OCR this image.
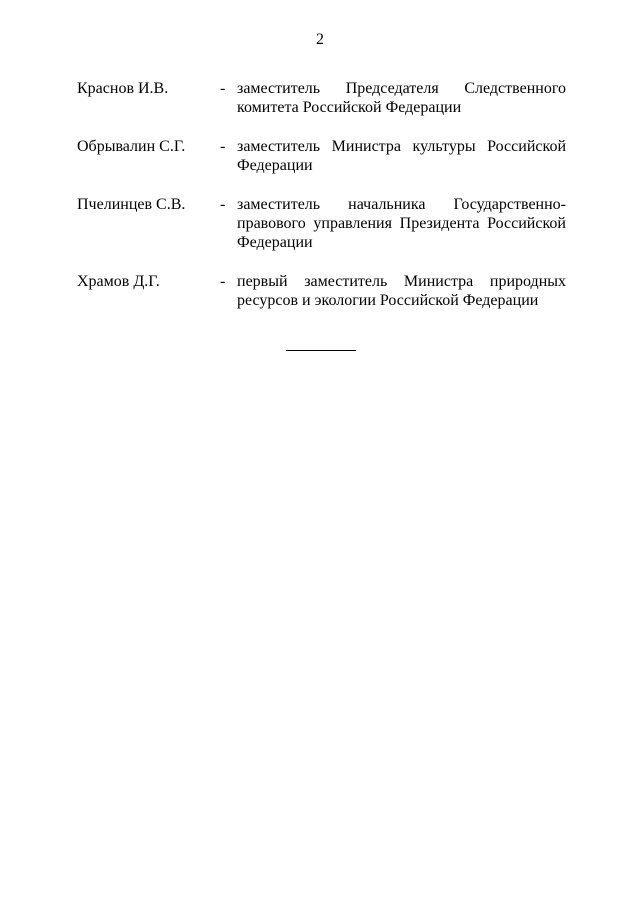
2
Краснов И.В.	- заместитель Председателя Следственного комитета Российской Федерации
Обрывалин С.Г.	- заместитель Министра культуры Российской Федерации
Пчелинцев С.В.	- заместитель начальника Государственно-правового управления Президента Российской Федерации
Храмов Д.Г.	- первый заместитель Министра природных ресурсов и экологии Российской Федерации
